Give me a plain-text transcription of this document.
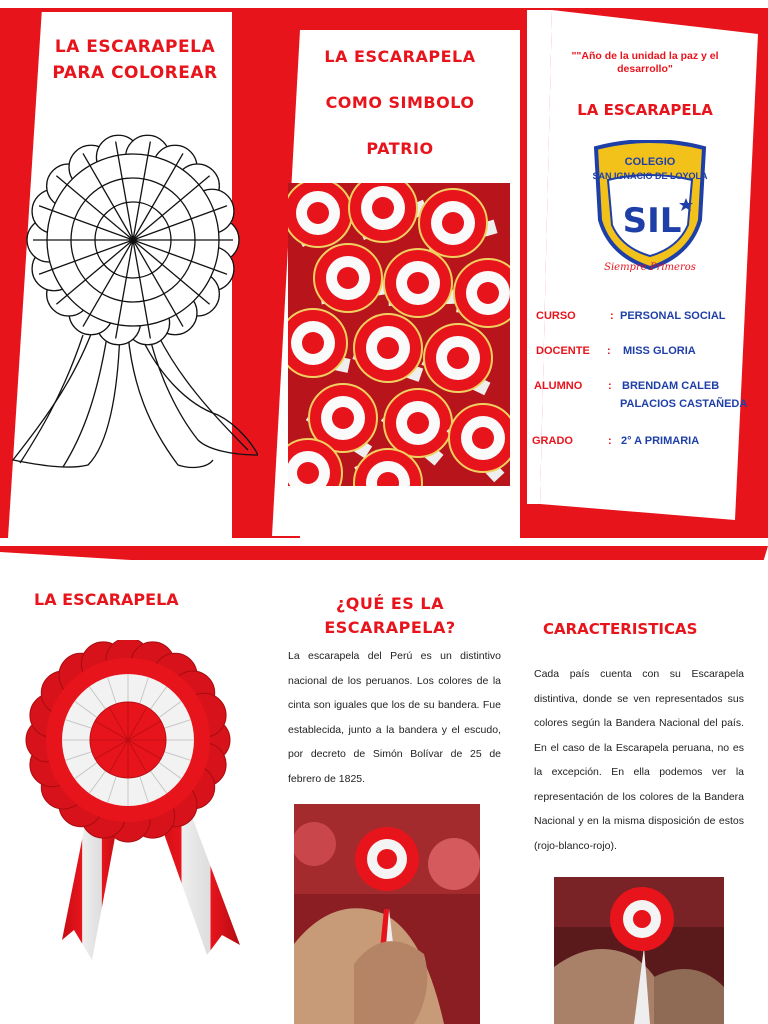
LA ESCARAPELA
PARA COLOREAR
LA ESCARAPELA
COMO SIMBOLO
PATRIO
""Año de la unidad la paz y el desarrollo"
LA ESCARAPELA
COLEGIO
SAN IGNACIO DE LOYOLA
SIL
Siempre Primeros
CURSO	: PERSONAL SOCIAL
DOCENTE : MISS GLORIA
ALUMNO : BRENDAM CALEB
PALACIOS CASTAÑEDA
GRADO	: 2° A PRIMARIA
LA ESCARAPELA	¿QUÉ ES LA
ESCARAPELA?
La escarapela del Perú es un distintivo nacional de los peruanos. Los colores de la cinta son iguales que los de su bandera. Fue establecida, junto a la bandera y el escudo, por decreto de Simón Bolívar de 25 de febrero de 1825.
CARACTERISTICAS
Cada país cuenta con su Escarapela distintiva, donde se ven representados sus colores según la Bandera Nacional del país. En el caso de la Escarapela peruana, no es la excepción. En ella podemos ver la representación de los colores de la Bandera Nacional y en la misma disposición de estos (rojo-blanco-rojo).
